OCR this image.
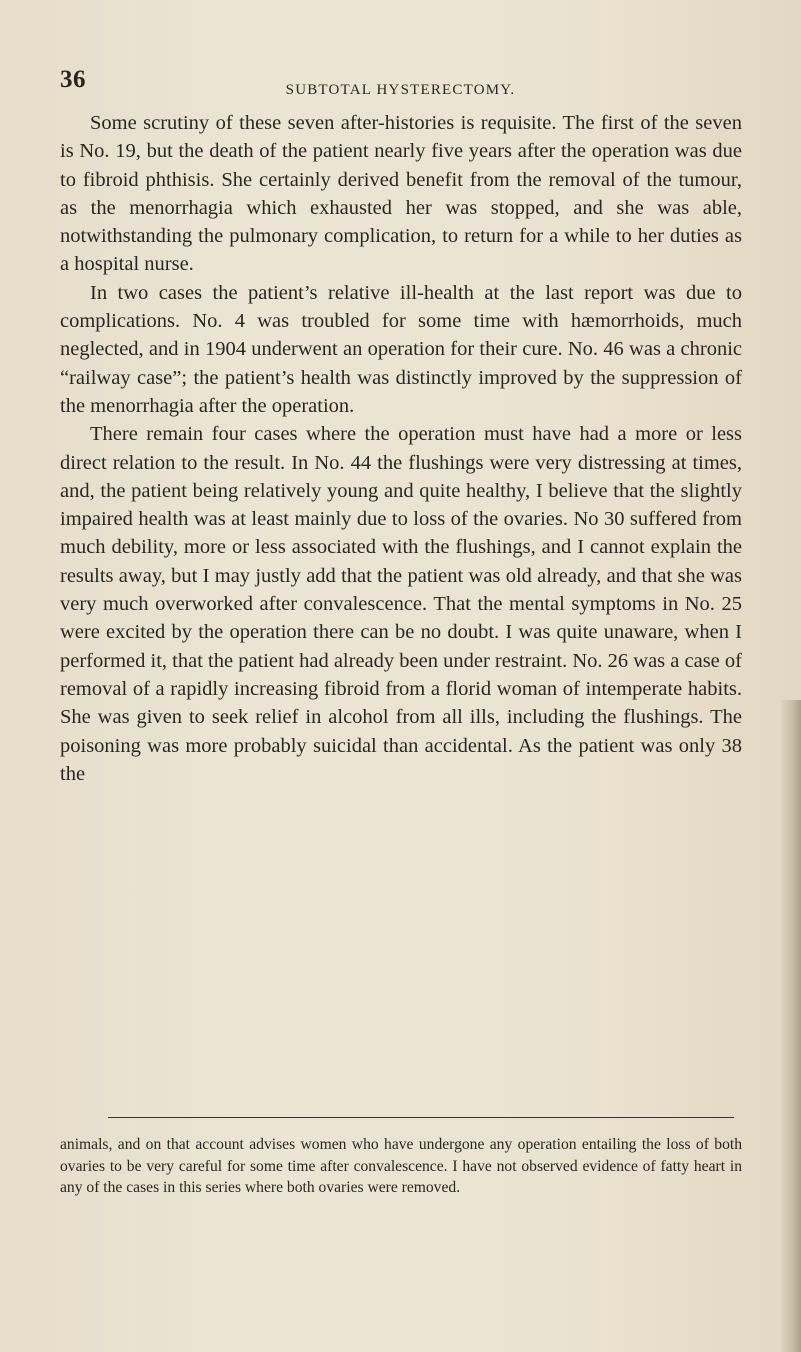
36	SUBTOTAL HYSTERECTOMY.

Some scrutiny of these seven after-histories is requisite. The first of the seven is No. 19, but the death of the patient nearly five years after the operation was due to fibroid phthisis. She certainly derived benefit from the removal of the tumour, as the menorrhagia which exhausted her was stopped, and she was able, notwithstanding the pulmonary complication, to return for a while to her duties as a hospital nurse.

In two cases the patient’s relative ill-health at the last report was due to complications. No. 4 was troubled for some time with hæmorrhoids, much neglected, and in 1904 underwent an operation for their cure. No. 46 was a chronic “railway case”; the patient’s health was distinctly improved by the suppression of the menorrhagia after the operation.

There remain four cases where the operation must have had a more or less direct relation to the result. In No. 44 the flushings were very distressing at times, and, the patient being relatively young and quite healthy, I believe that the slightly impaired health was at least mainly due to loss of the ovaries. No 30 suffered from much debility, more or less associated with the flushings, and I cannot explain the results away, but I may justly add that the patient was old already, and that she was very much overworked after convalescence. That the mental symptoms in No. 25 were excited by the operation there can be no doubt. I was quite unaware, when I performed it, that the patient had already been under restraint. No. 26 was a case of removal of a rapidly increasing fibroid from a florid woman of intemperate habits. She was given to seek relief in alcohol from all ills, including the flushings. The poisoning was more probably suicidal than accidental. As the patient was only 38 the

animals, and on that account advises women who have undergone any operation entailing the loss of both ovaries to be very careful for some time after convalescence. I have not observed evidence of fatty heart in any of the cases in this series where both ovaries were removed.
